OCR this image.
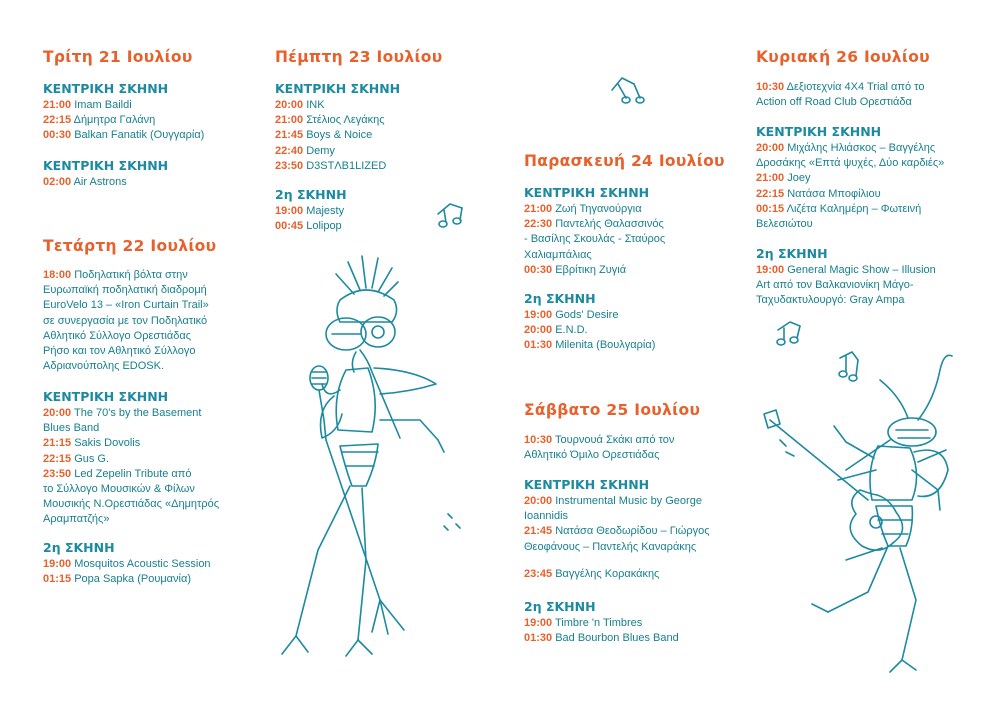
Τρίτη 21 Ιουλίου
ΚΕΝΤΡΙΚΗ ΣΚΗΝΗ
21:00 Imam Baildi
22:15 Δήμητρα Γαλάνη
00:30 Balkan Fanatik (Ουγγαρία)
ΚΕΝΤΡΙΚΗ ΣΚΗΝΗ
02:00 Air Astrons
Τετάρτη 22 Ιουλίου
18:00 Ποδηλατική βόλτα στην
Ευρωπαϊκή ποδηλατική διαδρομή
EuroVelo 13 – «Iron Curtain Trail»
σε συνεργασία με τον Ποδηλατικό
Αθλητικό Σύλλογο Ορεστιάδας
Ρήσο και τον Αθλητικό Σύλλογο
Αδριανούπολης EDOSK.
ΚΕΝΤΡΙΚΗ ΣΚΗΝΗ
20:00 The 70's by the Basement
Blues Band
21:15 Sakis Dovolis
22:15 Gus G.
23:50 Led Zepelin Tribute από
το Σύλλογο Μουσικών & Φίλων
Μουσικής Ν.Ορεστιάδας «Δημητρός
Αραμπατζής»
2η ΣΚΗΝΗ
19:00 Mosquitos Acoustic Session
01:15 Popa Sapka (Ρουμανία)
Πέμπτη 23 Ιουλίου
ΚΕΝΤΡΙΚΗ ΣΚΗΝΗ
20:00 INK
21:00 Στέλιος Λεγάκης
21:45 Boys & Noice
22:40 Demy
23:50 D3STΛB1LIZED
2η ΣΚΗΝΗ
19:00 Majesty
00:45 Lolipop
Παρασκευή 24 Ιουλίου
ΚΕΝΤΡΙΚΗ ΣΚΗΝΗ
21:00 Ζωή Τηγανούργια
22:30 Παντελής Θαλασσινός
- Βασίλης Σκουλάς - Σταύρος
Χαλιαμπάλιας
00:30 Εβρίτικη Ζυγιά
2η ΣΚΗΝΗ
19:00 Gods' Desire
20:00 E.N.D.
01:30 Milenita (Βουλγαρία)
Σάββατο 25 Ιουλίου
10:30 Τουρνουά Σκάκι από τον
Αθλητικό Όμιλο Ορεστιάδας
ΚΕΝΤΡΙΚΗ ΣΚΗΝΗ
20:00 Instrumental Music by George
Ioannidis
21:45 Νατάσα Θεοδωρίδου – Γιώργος
Θεοφάνους – Παντελής Καναράκης
23:45 Βαγγέλης Κορακάκης
2η ΣΚΗΝΗ
19:00 Timbre 'n Timbres
01:30 Bad Bourbon Blues Band
Κυριακή 26 Ιουλίου
10:30 Δεξιοτεχνία 4X4 Trial από το
Action off Road Club Ορεστιάδα
ΚΕΝΤΡΙΚΗ ΣΚΗΝΗ
20:00 Μιχάλης Ηλιάσκος – Βαγγέλης
Δροσάκης «Επτά ψυχές, Δύο καρδιές»
21:00 Joey
22:15 Νατάσα Μποφίλιου
00:15 Λιζέτα Καλημέρη – Φωτεινή
Βελεσιώτου
2η ΣΚΗΝΗ
19:00 General Magic Show – Illusion
Art από τον Βαλκανιονίκη Μάγο-
Ταχυδακτυλουργό: Gray Ampa
